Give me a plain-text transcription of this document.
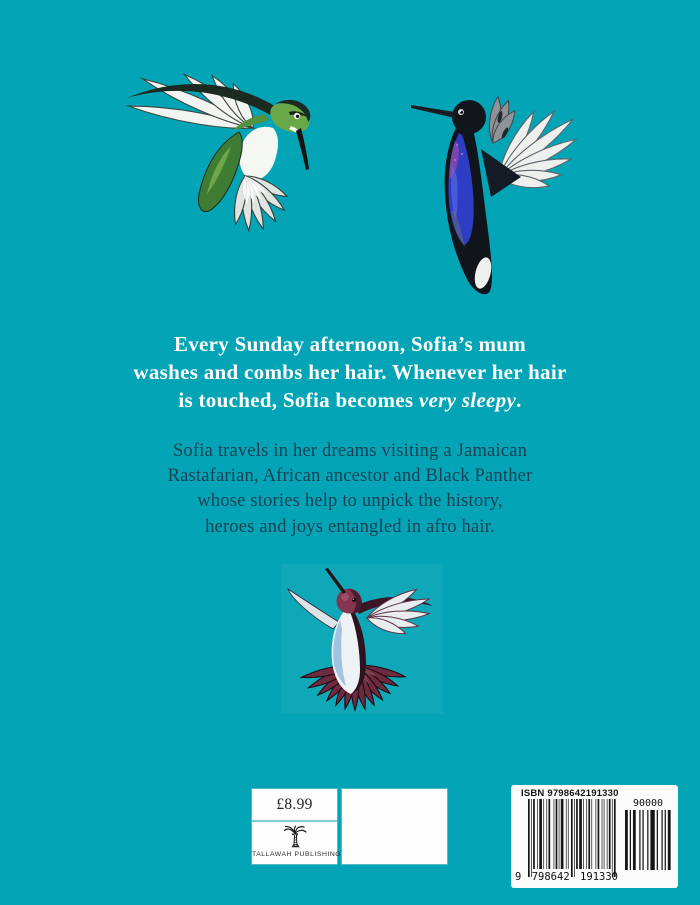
Every Sunday afternoon, Sofia’s mum
washes and combs her hair. Whenever her hair
is touched, Sofia becomes very sleepy.
Sofia travels in her dreams visiting a Jamaican
Rastafarian, African ancestor and Black Panther
whose stories help to unpick the history,
heroes and joys entangled in afro hair.
£8.99
TALLAWAH PUBLISHING
ISBN 9798642191330
9 798642 191330
90000
